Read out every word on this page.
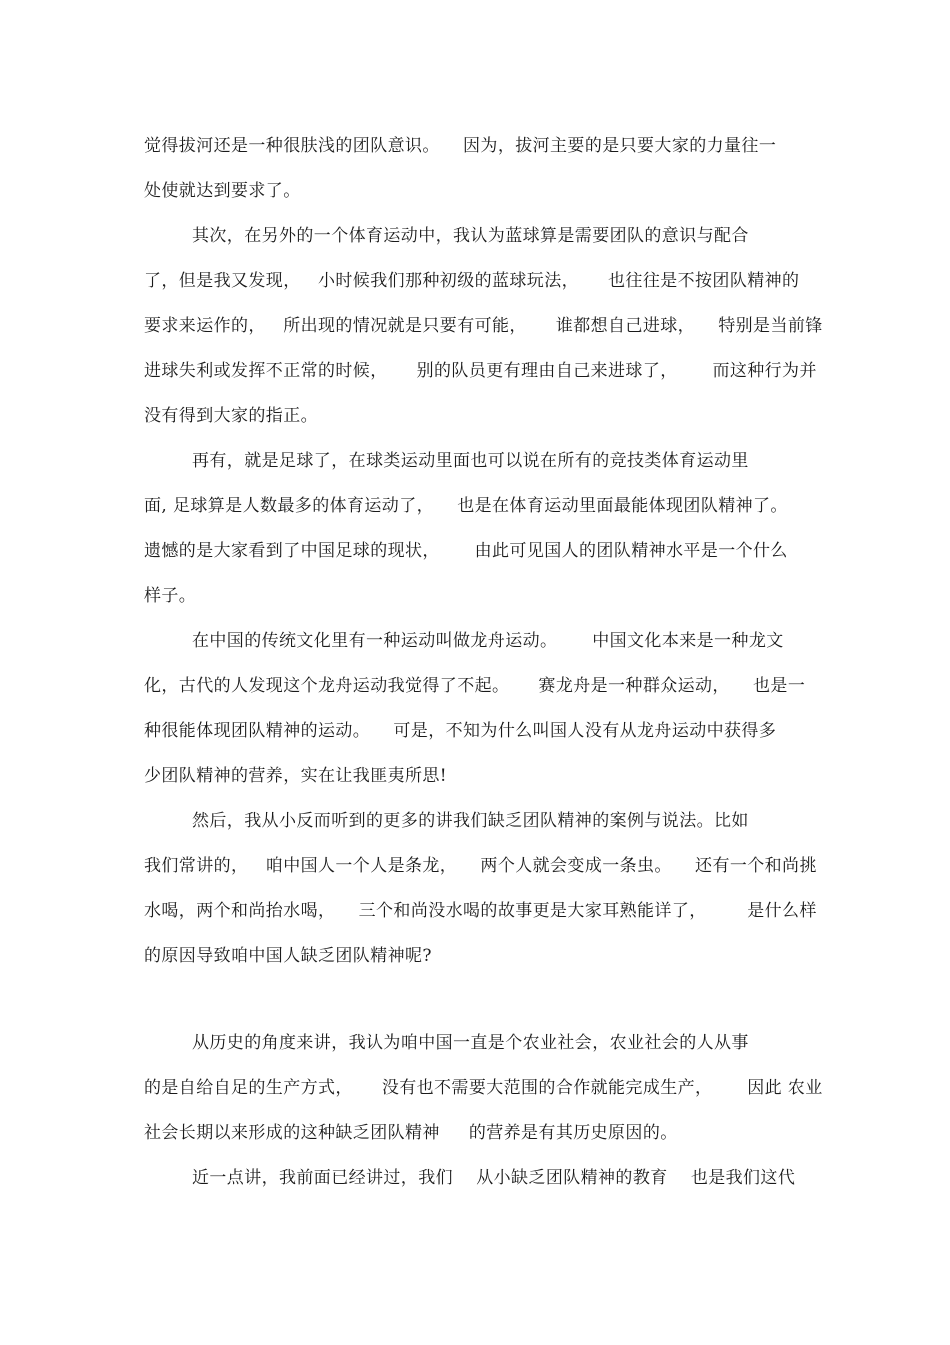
觉得拔河还是一种很肤浅的团队意识。    因为，拔河主要的是只要大家的力量往一
处使就达到要求了。
其次，在另外的一个体育运动中，我认为蓝球算是需要团队的意识与配合
了，但是我又发现，   小时候我们那种初级的蓝球玩法，     也往往是不按团队精神的
要求来运作的，   所出现的情况就是只要有可能，     谁都想自己进球，    特别是当前锋
进球失利或发挥不正常的时候，     别的队员更有理由自己来进球了，      而这种行为并
没有得到大家的指正。
再有，就是足球了，在球类运动里面也可以说在所有的竞技类体育运动里
面, 足球算是人数最多的体育运动了，    也是在体育运动里面最能体现团队精神了。
遗憾的是大家看到了中国足球的现状，      由此可见国人的团队精神水平是一个什么
样子。
在中国的传统文化里有一种运动叫做龙舟运动。      中国文化本来是一种龙文
化，古代的人发现这个龙舟运动我觉得了不起。     赛龙舟是一种群众运动，    也是一
种很能体现团队精神的运动。    可是，不知为什么叫国人没有从龙舟运动中获得多
少团队精神的营养，实在让我匪夷所思!
然后，我从小反而听到的更多的讲我们缺乏团队精神的案例与说法。比如
我们常讲的，   咱中国人一个人是条龙，    两个人就会变成一条虫。    还有一个和尚挑
水喝，两个和尚抬水喝，    三个和尚没水喝的故事更是大家耳熟能详了，       是什么样
的原因导致咱中国人缺乏团队精神呢?
从历史的角度来讲，我认为咱中国一直是个农业社会，农业社会的人从事
的是自给自足的生产方式，     没有也不需要大范围的合作就能完成生产，      因此 农业
社会长期以来形成的这种缺乏团队精神     的营养是有其历史原因的。
近一点讲，我前面已经讲过，我们    从小缺乏团队精神的教育    也是我们这代
